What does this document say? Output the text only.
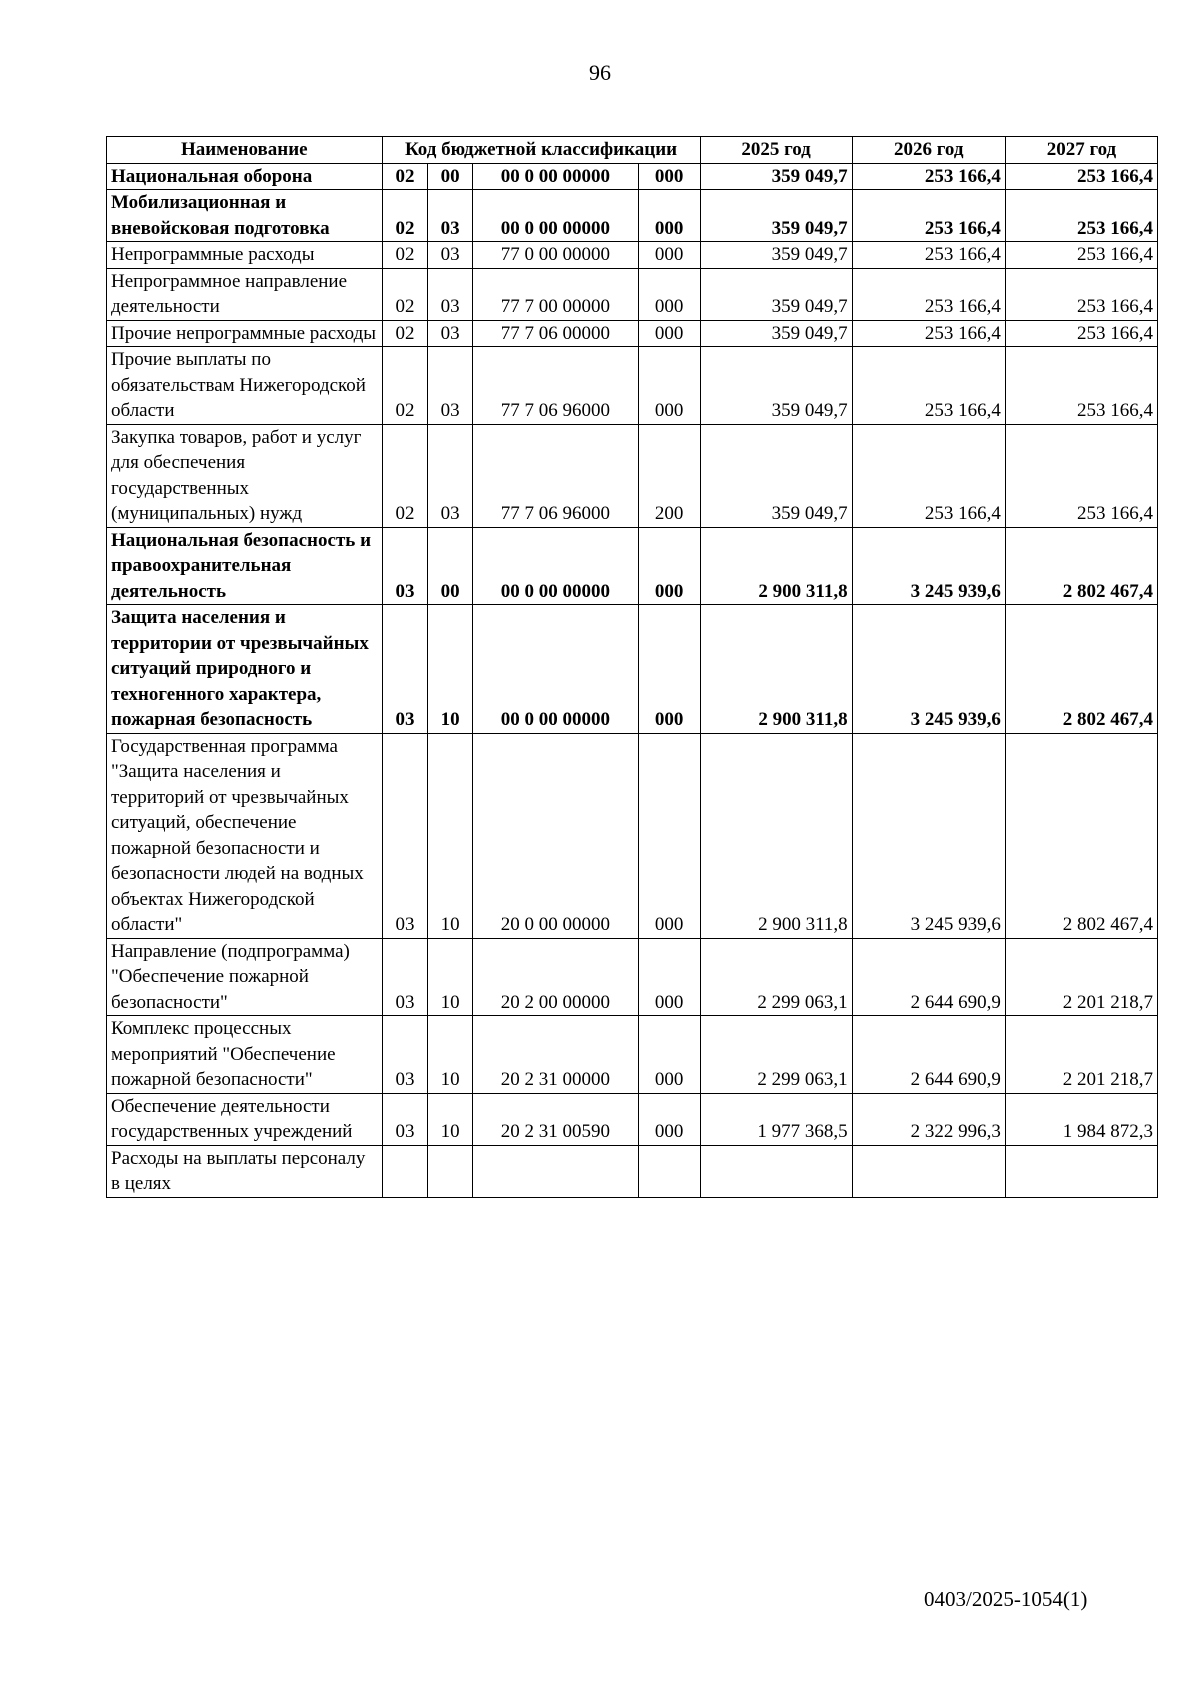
96
Наименование	Код бюджетной классификации				2025 год	2026 год	2027 год
Национальная оборона	02	00	00 0 00 00000	000	359 049,7	253 166,4	253 166,4
Мобилизационная и вневойсковая подготовка	02	03	00 0 00 00000	000	359 049,7	253 166,4	253 166,4
Непрограммные расходы	02	03	77 0 00 00000	000	359 049,7	253 166,4	253 166,4
Непрограммное направление деятельности	02	03	77 7 00 00000	000	359 049,7	253 166,4	253 166,4
Прочие непрограммные расходы	02	03	77 7 06 00000	000	359 049,7	253 166,4	253 166,4
Прочие выплаты по обязательствам Нижегородской области	02	03	77 7 06 96000	000	359 049,7	253 166,4	253 166,4
Закупка товаров, работ и услуг для обеспечения государственных (муниципальных) нужд	02	03	77 7 06 96000	200	359 049,7	253 166,4	253 166,4
Национальная безопасность и правоохранительная деятельность	03	00	00 0 00 00000	000	2 900 311,8	3 245 939,6	2 802 467,4
Защита населения и территории от чрезвычайных ситуаций природного и техногенного характера, пожарная безопасность	03	10	00 0 00 00000	000	2 900 311,8	3 245 939,6	2 802 467,4
Государственная программа "Защита населения и территорий от чрезвычайных ситуаций, обеспечение пожарной безопасности и безопасности людей на водных объектах Нижегородской области"	03	10	20 0 00 00000	000	2 900 311,8	3 245 939,6	2 802 467,4
Направление (подпрограмма) "Обеспечение пожарной безопасности"	03	10	20 2 00 00000	000	2 299 063,1	2 644 690,9	2 201 218,7
Комплекс процессных мероприятий "Обеспечение пожарной безопасности"	03	10	20 2 31 00000	000	2 299 063,1	2 644 690,9	2 201 218,7
Обеспечение деятельности государственных учреждений	03	10	20 2 31 00590	000	1 977 368,5	2 322 996,3	1 984 872,3
Расходы на выплаты персоналу в целях							
0403/2025-1054(1)
